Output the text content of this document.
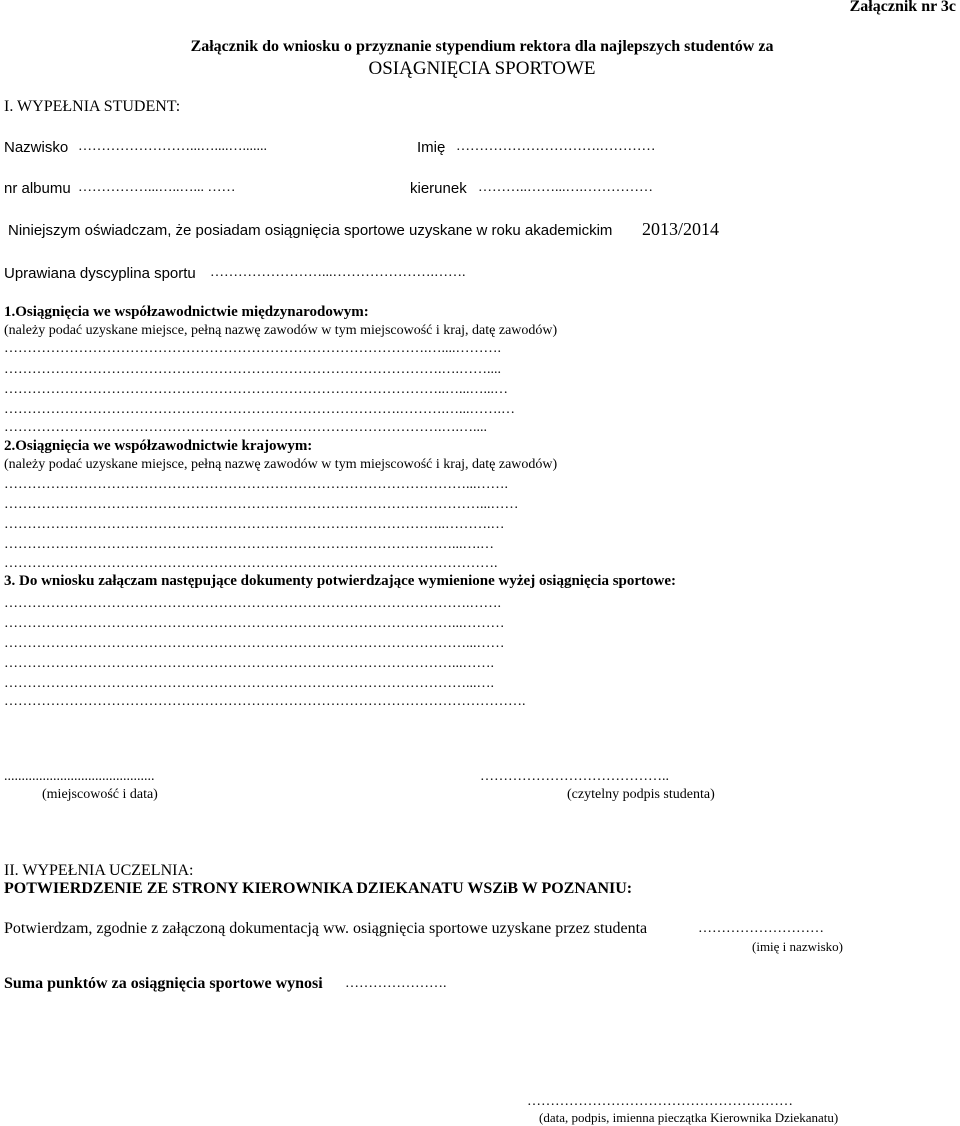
Załącznik nr 3c
Załącznik do wniosku o przyznanie stypendium rektora dla najlepszych studentów za
OSIĄGNIĘCIA SPORTOWE
I. WYPEŁNIA STUDENT:
Nazwisko ……………………...…....….......	Imię ………………………….…………
nr albumu ……………...…..…... ……	kierunek ………..……...….……………
Niniejszym oświadczam, że posiadam osiągnięcia sportowe uzyskane w roku akademickim 2013/2014
Uprawiana dyscyplina sportu ……………………...………………….…….
1.Osiągnięcia we współzawodnictwie międzynarodowym:
(należy podać uzyskane miejsce, pełną nazwę zawodów w tym miejscowość i kraj, datę zawodów)
……………………………………………………………………………….…....……….
………………………………………………………………………………….….……....
…………………………………………………………………………………..…...…...…
………………………………………………………………………….……….…...…….…
………………………………………………………………………………….….…....
2.Osiągnięcia we współzawodnictwie krajowym:
(należy podać uzyskane miejsce, pełną nazwę zawodów w tym miejscowość i kraj, datę zawodów)
………………………………………………………………………………………...…….
…………………………………………………………………………………………...……
…………………………………………………………………………………..……….…
……………………………………………………………………………………...….…
…………………………………………………………………………………………….
3. Do wniosku załączam następujące dokumenty potwierdzające wymienione wyżej osiągnięcia sportowe:
……………………………………………………………………………………….…….
……………………………………………………………………………………...………
………………………………………………………………………………………...……
……………………………………………………………………………………...…….
………………………………………………………………………………………...….
………………………………………………………………………………………………….
...........................................
(miejscowość i data)
…………………………………..
(czytelny podpis studenta)
II. WYPEŁNIA UCZELNIA:
POTWIERDZENIE ZE STRONY KIEROWNIKA DZIEKANATU WSZiB W POZNANIU:
Potwierdzam, zgodnie z załączoną dokumentacją ww. osiągnięcia sportowe uzyskane przez studenta	………………………
(imię i nazwisko)
Suma punktów za osiągnięcia sportowe wynosi ………………….
…………………………………………………
(data, podpis, imienna pieczątka Kierownika Dziekanatu)
